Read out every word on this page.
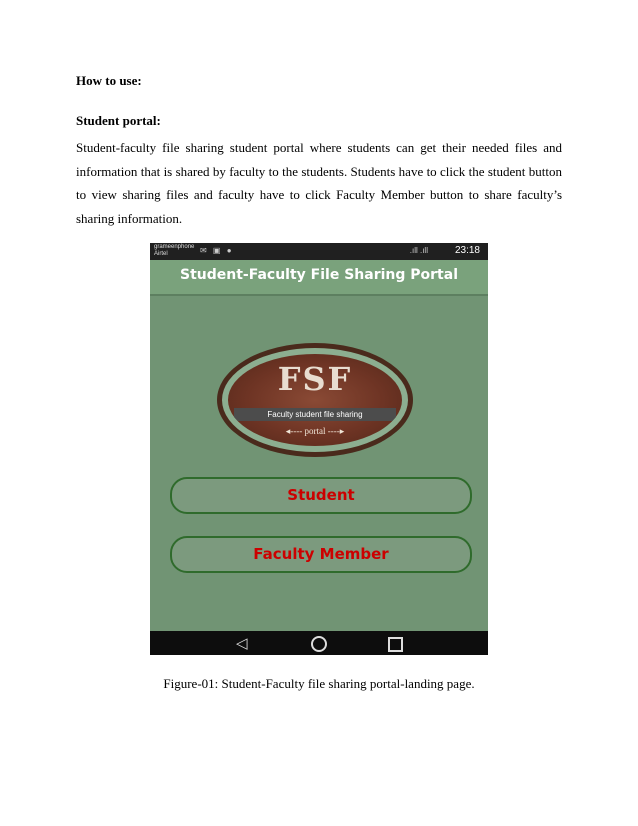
How to use:
Student portal:
Student-faculty file sharing student portal where students can get their needed files and information that is shared by faculty to the students. Students have to click the student button to view sharing files and faculty have to click Faculty Member button to share faculty’s sharing information.
grameenphone
Airtel	✉ ▣ ●	.ıll .ıll	23:18
Student-Faculty File Sharing Portal
FSF
Faculty student file sharing
◂---- portal ----▸
Student
Faculty Member
◁
Figure-01: Student-Faculty file sharing portal-landing page.
